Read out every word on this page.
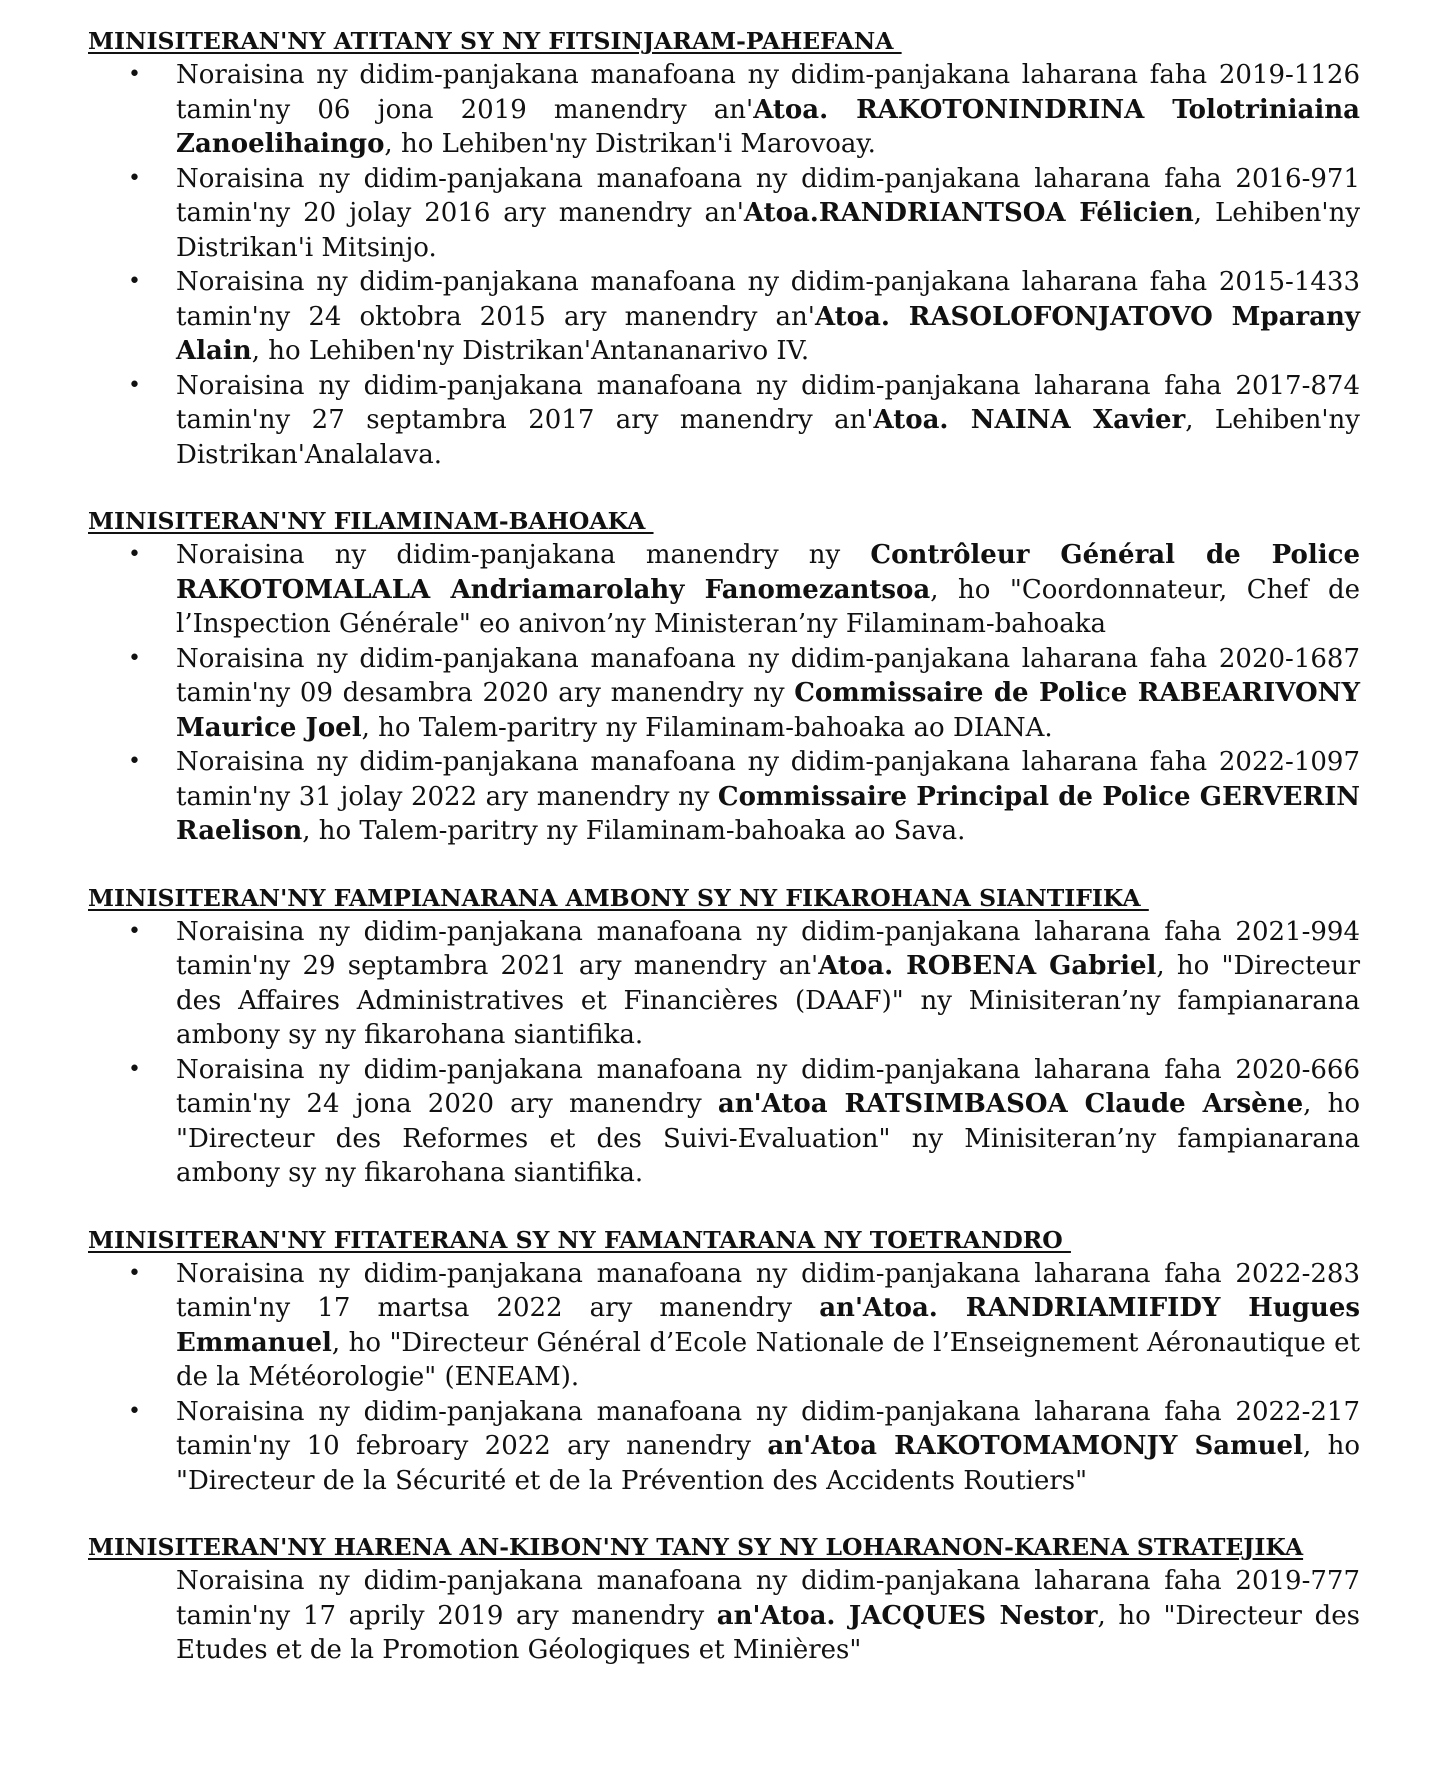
MINISITERAN'NY ATITANY SY NY FITSINJARAM-PAHEFANA

• Noraisina ny didim-panjakana manafoana ny didim-panjakana laharana faha 2019-1126 tamin'ny 06 jona 2019 manendry an'Atoa. RAKOTONINDRINA Tolotriniaina Zanoelihaingo, ho Lehiben'ny Distrikan'i Marovoay.
• Noraisina ny didim-panjakana manafoana ny didim-panjakana laharana faha 2016-971 tamin'ny 20 jolay 2016 ary manendry an'Atoa.RANDRIANTSOA Félicien, Lehiben'ny Distrikan'i Mitsinjo.
• Noraisina ny didim-panjakana manafoana ny didim-panjakana laharana faha 2015-1433 tamin'ny 24 oktobra 2015 ary manendry an'Atoa. RASOLOFONJATOVO Mparany Alain, ho Lehiben'ny Distrikan'Antananarivo IV.
• Noraisina ny didim-panjakana manafoana ny didim-panjakana laharana faha 2017-874 tamin'ny 27 septambra 2017 ary manendry an'Atoa. NAINA Xavier, Lehiben'ny Distrikan'Analalava.

MINISITERAN'NY FILAMINAM-BAHOAKA

• Noraisina ny didim-panjakana manendry ny Contrôleur Général de Police RAKOTOMALALA Andriamarolahy Fanomezantsoa, ho "Coordonnateur, Chef de l’Inspection Générale" eo anivon’ny Ministeran’ny Filaminam-bahoaka
• Noraisina ny didim-panjakana manafoana ny didim-panjakana laharana faha 2020-1687 tamin'ny 09 desambra 2020 ary manendry ny Commissaire de Police RABEARIVONY Maurice Joel, ho Talem-paritry ny Filaminam-bahoaka ao DIANA.
• Noraisina ny didim-panjakana manafoana ny didim-panjakana laharana faha 2022-1097 tamin'ny 31 jolay 2022 ary manendry ny Commissaire Principal de Police GERVERIN Raelison, ho Talem-paritry ny Filaminam-bahoaka ao Sava.

MINISITERAN'NY FAMPIANARANA AMBONY SY NY FIKAROHANA SIANTIFIKA

• Noraisina ny didim-panjakana manafoana ny didim-panjakana laharana faha 2021-994 tamin'ny 29 septambra 2021 ary manendry an'Atoa. ROBENA Gabriel, ho "Directeur des Affaires Administratives et Financières (DAAF)" ny Minisiteran’ny fampianarana ambony sy ny fikarohana siantifika.
• Noraisina ny didim-panjakana manafoana ny didim-panjakana laharana faha 2020-666 tamin'ny 24 jona 2020 ary manendry an'Atoa RATSIMBASOA Claude Arsène, ho "Directeur des Reformes et des Suivi-Evaluation" ny Minisiteran’ny fampianarana ambony sy ny fikarohana siantifika.

MINISITERAN'NY FITATERANA SY NY FAMANTARANA NY TOETRANDRO

• Noraisina ny didim-panjakana manafoana ny didim-panjakana laharana faha 2022-283 tamin'ny 17 martsa 2022 ary manendry an'Atoa. RANDRIAMIFIDY Hugues Emmanuel, ho "Directeur Général d’Ecole Nationale de l’Enseignement Aéronautique et de la Météorologie" (ENEAM).
• Noraisina ny didim-panjakana manafoana ny didim-panjakana laharana faha 2022-217 tamin'ny 10 febroary 2022 ary nanendry an'Atoa RAKOTOMAMONJY Samuel, ho "Directeur de la Sécurité et de la Prévention des Accidents Routiers"

MINISITERAN'NY HARENA AN-KIBON'NY TANY SY NY LOHARANON-KARENA STRATEJIKA

Noraisina ny didim-panjakana manafoana ny didim-panjakana laharana faha 2019-777 tamin'ny 17 aprily 2019 ary manendry an'Atoa. JACQUES Nestor, ho "Directeur des Etudes et de la Promotion Géologiques et Minières"
